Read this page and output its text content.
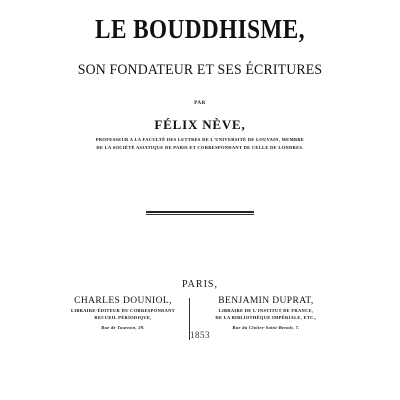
LE BOUDDHISME,
SON FONDATEUR ET SES ÉCRITURES
PAR
FÉLIX NÈVE,
PROFESSEUR A LA FACULTÉ DES LETTRES DE L'UNIVERSITÉ DE LOUVAIN, MEMBRE
DE LA SOCIÉTÉ ASIATIQUE DE PARIS ET CORRESPONDANT DE CELLE DE LONDRES.
PARIS,
CHARLES DOUNIOL,
LIBRAIRE-ÉDITEUR DU CORRESPONDANT
RECUEIL PÉRIODIQUE,
Rue de Tournon, 29.
BENJAMIN DUPRAT,
LIBRAIRE DE L'INSTITUT DE FRANCE,
DE LA BIBLIOTHÈQUE IMPÉRIALE, ETC.,
Rue du Cloître-Saint-Benoît, 7.
1853
